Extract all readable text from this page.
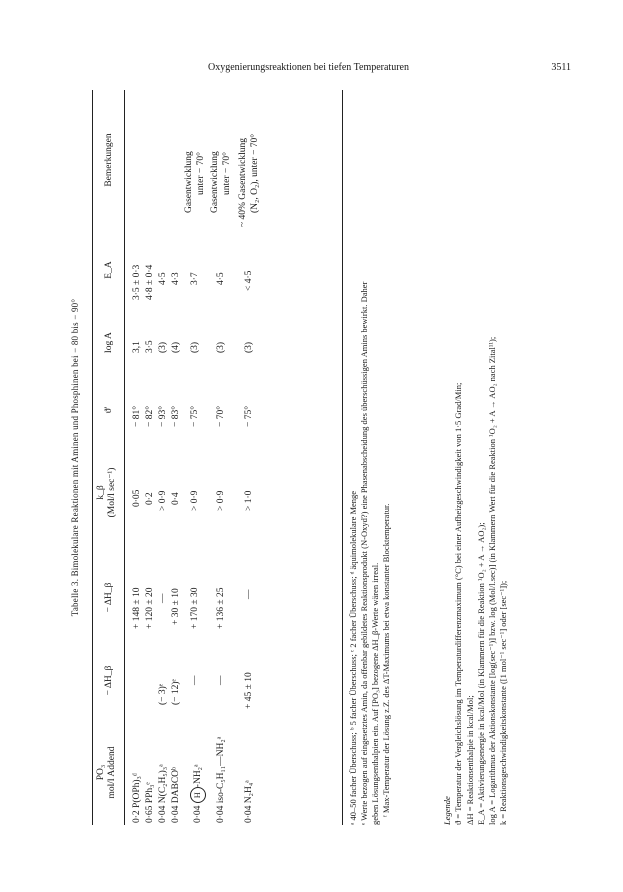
Oxygenierungsreaktionen bei tiefen Temperaturen	3511
Tabelle 3. Bimolekulare Reaktionen mit Aminen und Phosphinen bei − 80 bis − 90°
PO₃ mol/l Addend
− ΔH_β
− ΔH_β
k_β (Mol/l sec⁻¹)
ϑ'
log A
E_A
Bemerkungen
0·2 P(OPh)₃ᵈ
+ 148 ± 10
0·05
− 81°
3,1
3·5 ± 0·3
0·65 PPh₃ᵉ
+ 120 ± 20
0·2
− 82°
3·5
4·8 ± 0·4
0·04 N(C₂H₅)₃ᵃ
(− 3)ᵉ
—
> 0·9
− 93°
(3)
4·5
0·04 DABCOᵇ
(− 12)ᵉ
+ 30 ± 10
0·4
− 83°
(4)
4·3
0·04 H-NH₂ᵃ
—
+ 170 ± 30
> 0·9
− 75°
(3)
3·7
Gasentwicklung unter − 70°
0·04 iso-C₅H₁₁—NH₂ᵃ
—
+ 136 ± 25
> 0·9
− 70°
(3)
4·5
Gasentwicklung unter − 70°
0·04 N₂H₄ᵃ
+ 45 ± 10
—
> 1·0
− 75°
(3)
< 4·5
~ 40% Gasentwicklung (N₂, O₂), unter − 70°
ᵃ 40–50 facher Überschuss; ᵇ 5 facher Überschuss; ᶜ 2 facher Überschuss; ᵈ äquimolekulare Menge ᵉ Werte bezogen auf eingesetztes Amin, da offenbar gebildetes Reaktionsprodukt (N-Oxyd?) eine Phasenabscheidung des überschüssigen Amins bewirkt. Daher geben Lösungsenthalpien ein. Auf [PO₃] bezogene ΔH_β-Werte wären irreal. ᶠ Max-Temperatur der Lösung z.Z. des ΔT-Maximums bei etwa konstanter Blocktemperatur.	Legende ϑ = Temperatur der Vergleichslösung im Temperaturdifferenzmaximum (°C) bei einer Aufheizgeschwindigkeit von 1·5 Grad/Min; ΔH = Reaktionsenthalpie in kcal/Mol; E_A = Aktivierungsenergie in kcal/Mol (in Klammern für die Reaktion ¹O₂ + A → AO₂); log A = Logarithmus der Aktionskonstante [log(sec⁻¹)] bzw. log (Mol/l.sec)] (in Klammern Wert für die Reaktion ¹O₂ + A → AO₂ nach Zital¹¹); k = Reaktionsgeschwindigkeitskonstante ([1 mol⁻¹ sec⁻¹] oder [sec⁻¹]);
